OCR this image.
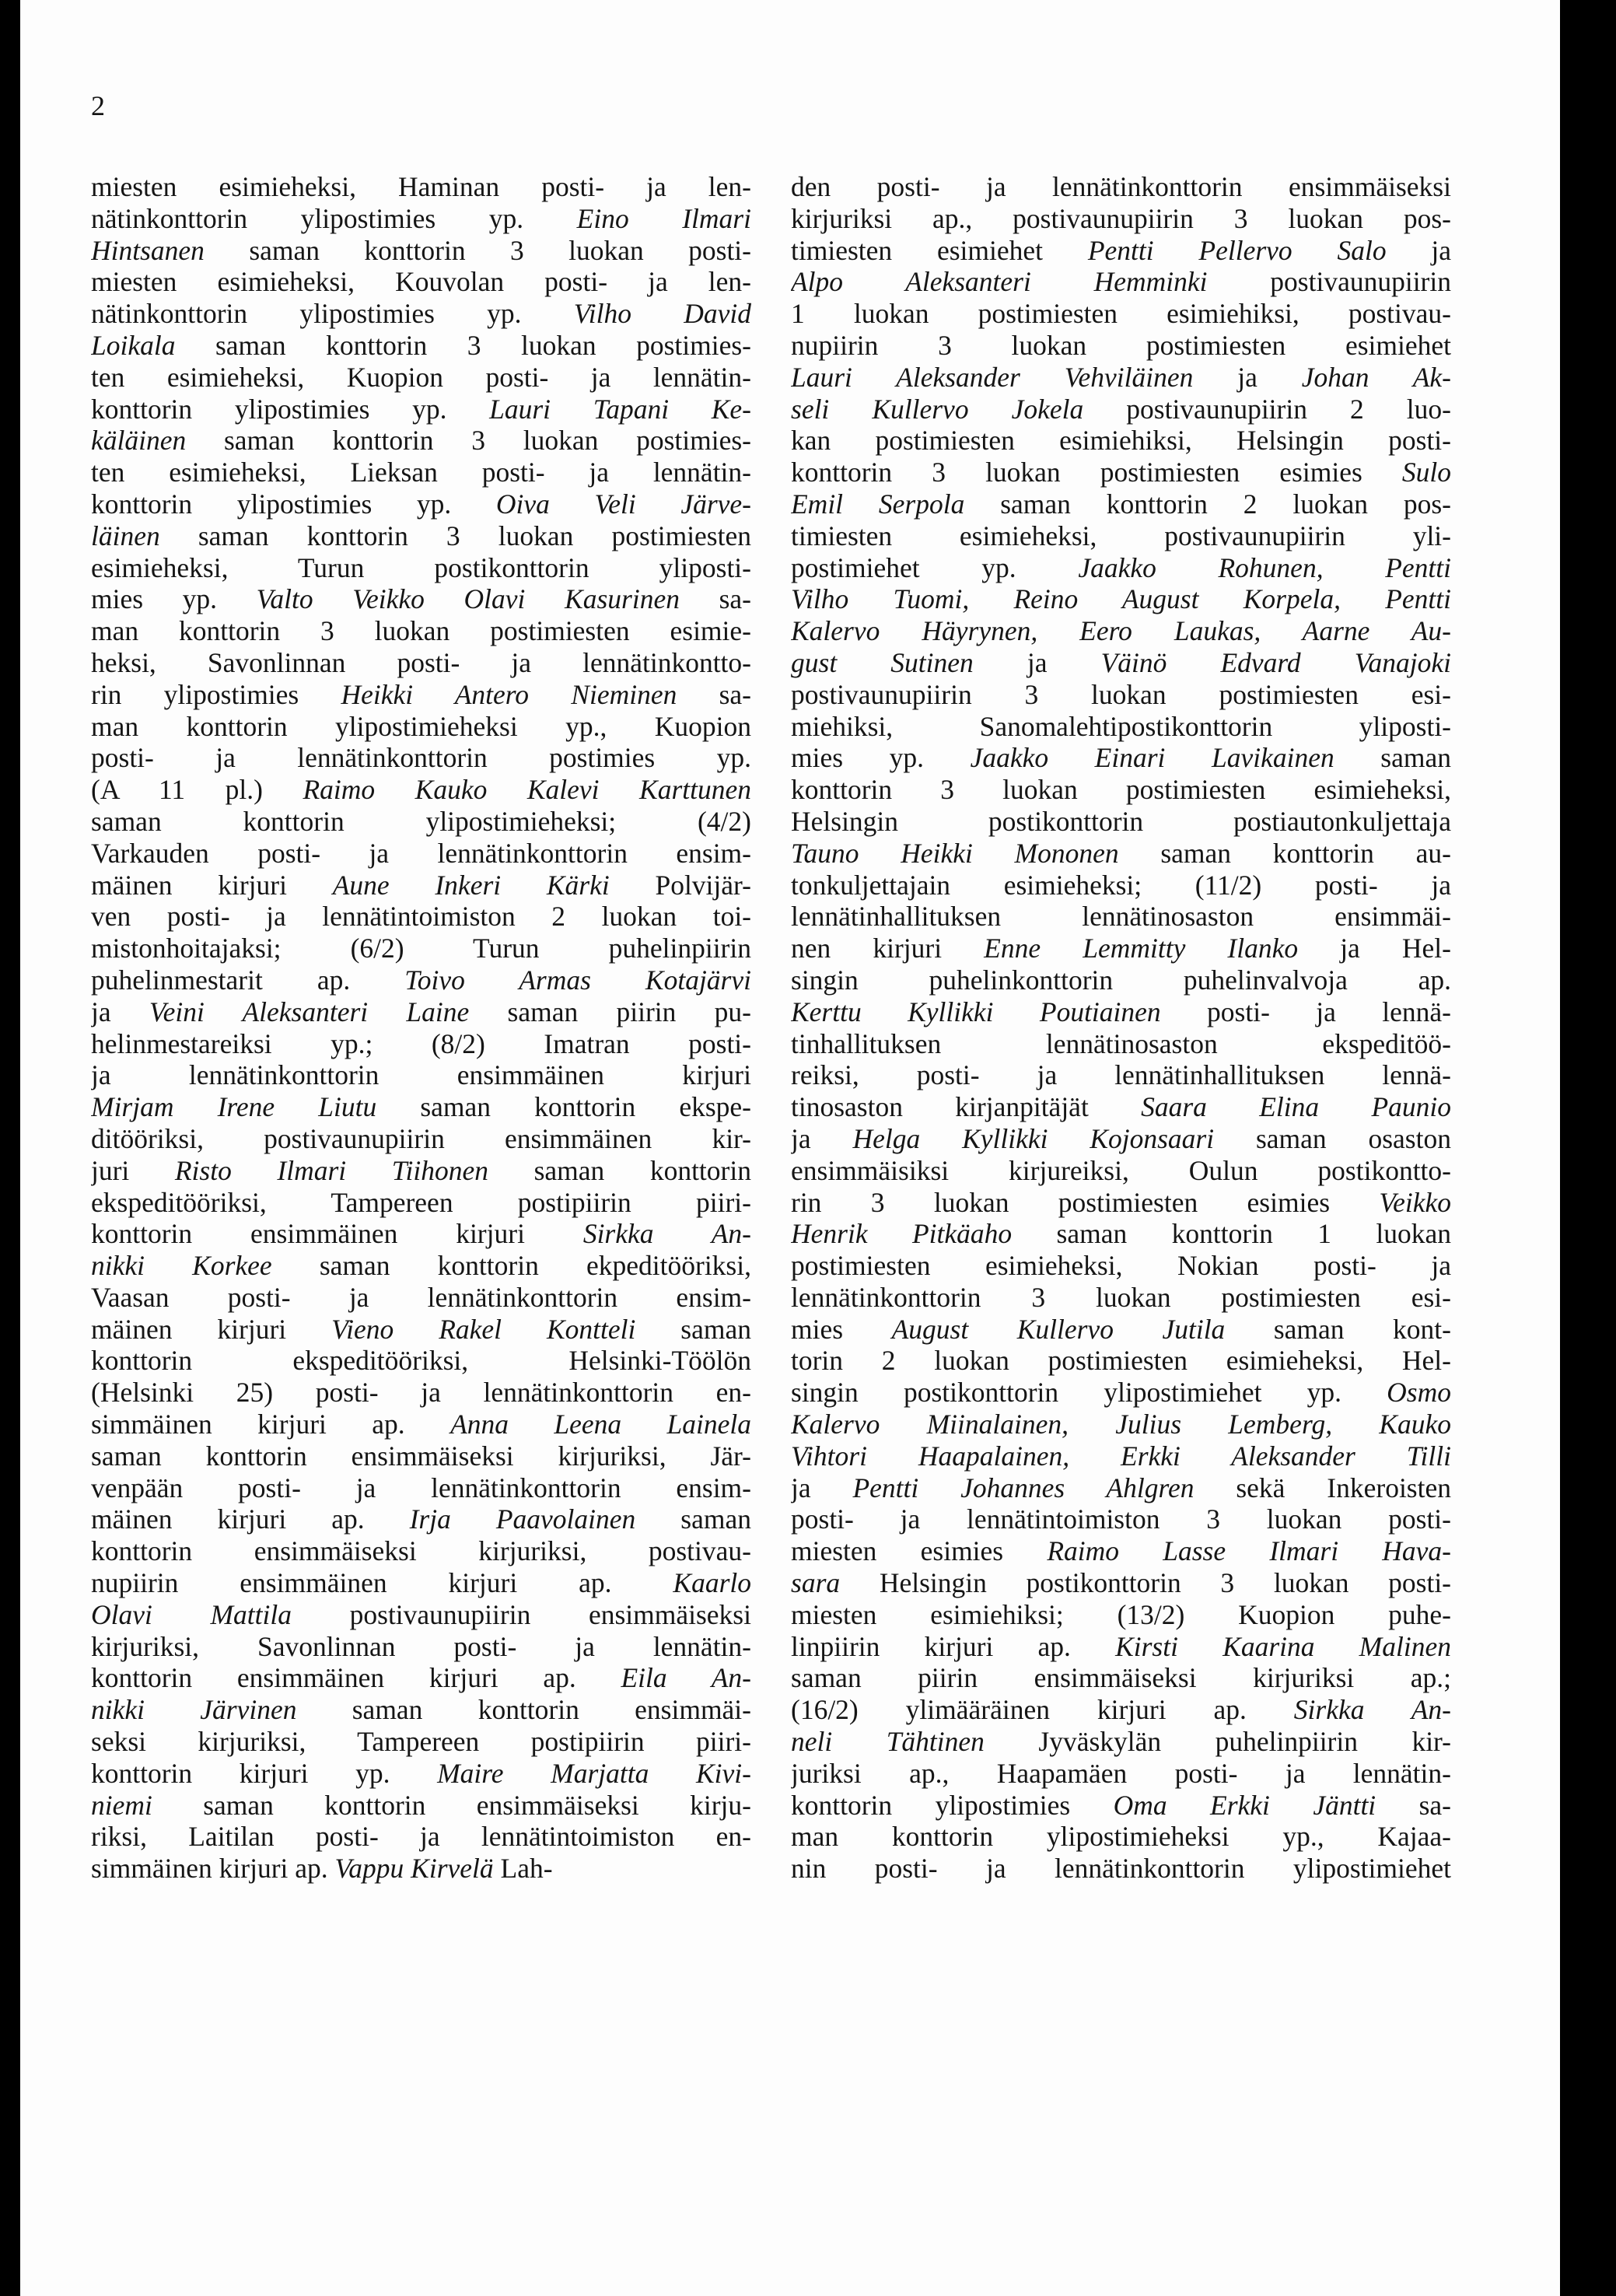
2
miesten esimieheksi, Haminan posti- ja len-
nätinkonttorin ylipostimies yp. Eino Ilmari
Hintsanen saman konttorin 3 luokan posti-
miesten esimieheksi, Kouvolan posti- ja len-
nätinkonttorin ylipostimies yp. Vilho David
Loikala saman konttorin 3 luokan postimies-
ten esimieheksi, Kuopion posti- ja lennätin-
konttorin ylipostimies yp. Lauri Tapani Ke-
käläinen saman konttorin 3 luokan postimies-
ten esimieheksi, Lieksan posti- ja lennätin-
konttorin ylipostimies yp. Oiva Veli Järve-
läinen saman konttorin 3 luokan postimiesten
esimieheksi, Turun postikonttorin yliposti-
mies yp. Valto Veikko Olavi Kasurinen sa-
man konttorin 3 luokan postimiesten esimie-
heksi, Savonlinnan posti- ja lennätinkontto-
rin ylipostimies Heikki Antero Nieminen sa-
man konttorin ylipostimieheksi yp., Kuopion
posti- ja lennätinkonttorin postimies yp.
(A 11 pl.) Raimo Kauko Kalevi Karttunen
saman konttorin ylipostimieheksi; (4/2)
Varkauden posti- ja lennätinkonttorin ensim-
mäinen kirjuri Aune Inkeri Kärki Polvijär-
ven posti- ja lennätintoimiston 2 luokan toi-
mistonhoitajaksi; (6/2) Turun puhelinpiirin
puhelinmestarit ap. Toivo Armas Kotajärvi
ja Veini Aleksanteri Laine saman piirin pu-
helinmestareiksi yp.; (8/2) Imatran posti-
ja lennätinkonttorin ensimmäinen kirjuri
Mirjam Irene Liutu saman konttorin ekspe-
ditööriksi, postivaunupiirin ensimmäinen kir-
juri Risto Ilmari Tiihonen saman konttorin
ekspeditööriksi, Tampereen postipiirin piiri-
konttorin ensimmäinen kirjuri Sirkka An-
nikki Korkee saman konttorin ekpeditööriksi,
Vaasan posti- ja lennätinkonttorin ensim-
mäinen kirjuri Vieno Rakel Kontteli saman
konttorin ekspeditööriksi, Helsinki-Töölön
(Helsinki 25) posti- ja lennätinkonttorin en-
simmäinen kirjuri ap. Anna Leena Lainela
saman konttorin ensimmäiseksi kirjuriksi, Jär-
venpään posti- ja lennätinkonttorin ensim-
mäinen kirjuri ap. Irja Paavolainen saman
konttorin ensimmäiseksi kirjuriksi, postivau-
nupiirin ensimmäinen kirjuri ap. Kaarlo
Olavi Mattila postivaunupiirin ensimmäiseksi
kirjuriksi, Savonlinnan posti- ja lennätin-
konttorin ensimmäinen kirjuri ap. Eila An-
nikki Järvinen saman konttorin ensimmäi-
seksi kirjuriksi, Tampereen postipiirin piiri-
konttorin kirjuri yp. Maire Marjatta Kivi-
niemi saman konttorin ensimmäiseksi kirju-
riksi, Laitilan posti- ja lennätintoimiston en-
simmäinen kirjuri ap. Vappu Kirvelä Lah-
den posti- ja lennätinkonttorin ensimmäiseksi
kirjuriksi ap., postivaunupiirin 3 luokan pos-
timiesten esimiehet Pentti Pellervo Salo ja
Alpo Aleksanteri Hemminki postivaunupiirin
1 luokan postimiesten esimiehiksi, postivau-
nupiirin 3 luokan postimiesten esimiehet
Lauri Aleksander Vehviläinen ja Johan Ak-
seli Kullervo Jokela postivaunupiirin 2 luo-
kan postimiesten esimiehiksi, Helsingin posti-
konttorin 3 luokan postimiesten esimies Sulo
Emil Serpola saman konttorin 2 luokan pos-
timiesten esimieheksi, postivaunupiirin yli-
postimiehet yp. Jaakko Rohunen, Pentti
Vilho Tuomi, Reino August Korpela, Pentti
Kalervo Häyrynen, Eero Laukas, Aarne Au-
gust Sutinen ja Väinö Edvard Vanajoki
postivaunupiirin 3 luokan postimiesten esi-
miehiksi, Sanomalehtipostikonttorin yliposti-
mies yp. Jaakko Einari Lavikainen saman
konttorin 3 luokan postimiesten esimieheksi,
Helsingin postikonttorin postiautonkuljettaja
Tauno Heikki Mononen saman konttorin au-
tonkuljettajain esimieheksi; (11/2) posti- ja
lennätinhallituksen lennätinosaston ensimmäi-
nen kirjuri Enne Lemmitty Ilanko ja Hel-
singin puhelinkonttorin puhelinvalvoja ap.
Kerttu Kyllikki Poutiainen posti- ja lennä-
tinhallituksen lennätinosaston ekspeditöö-
reiksi, posti- ja lennätinhallituksen lennä-
tinosaston kirjanpitäjät Saara Elina Paunio
ja Helga Kyllikki Kojonsaari saman osaston
ensimmäisiksi kirjureiksi, Oulun postikontto-
rin 3 luokan postimiesten esimies Veikko
Henrik Pitkäaho saman konttorin 1 luokan
postimiesten esimieheksi, Nokian posti- ja
lennätinkonttorin 3 luokan postimiesten esi-
mies August Kullervo Jutila saman kont-
torin 2 luokan postimiesten esimieheksi, Hel-
singin postikonttorin ylipostimiehet yp. Osmo
Kalervo Miinalainen, Julius Lemberg, Kauko
Vihtori Haapalainen, Erkki Aleksander Tilli
ja Pentti Johannes Ahlgren sekä Inkeroisten
posti- ja lennätintoimiston 3 luokan posti-
miesten esimies Raimo Lasse Ilmari Hava-
sara Helsingin postikonttorin 3 luokan posti-
miesten esimiehiksi; (13/2) Kuopion puhe-
linpiirin kirjuri ap. Kirsti Kaarina Malinen
saman piirin ensimmäiseksi kirjuriksi ap.;
(16/2) ylimääräinen kirjuri ap. Sirkka An-
neli Tähtinen Jyväskylän puhelinpiirin kir-
juriksi ap., Haapamäen posti- ja lennätin-
konttorin ylipostimies Oma Erkki Jäntti sa-
man konttorin ylipostimieheksi yp., Kajaa-
nin posti- ja lennätinkonttorin ylipostimiehet
